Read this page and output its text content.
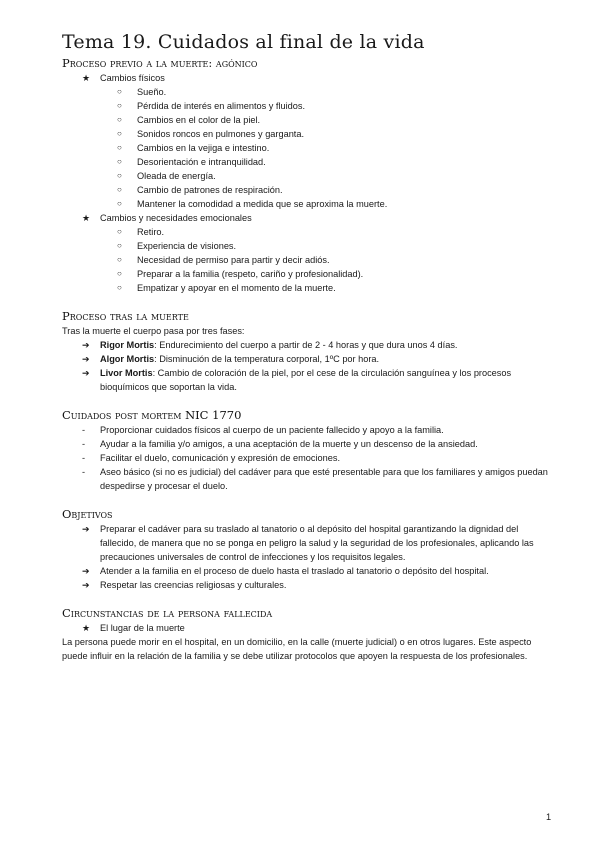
Tema 19. Cuidados al final de la vida
Proceso previo a la muerte: agónico
★ Cambios físicos
○ Sueño.
○ Pérdida de interés en alimentos y fluidos.
○ Cambios en el color de la piel.
○ Sonidos roncos en pulmones y garganta.
○ Cambios en la vejiga e intestino.
○ Desorientación e intranquilidad.
○ Oleada de energía.
○ Cambio de patrones de respiración.
○ Mantener la comodidad a medida que se aproxima la muerte.
★ Cambios y necesidades emocionales
○ Retiro.
○ Experiencia de visiones.
○ Necesidad de permiso para partir y decir adiós.
○ Preparar a la familia (respeto, cariño y profesionalidad).
○ Empatizar y apoyar en el momento de la muerte.
Proceso tras la muerte

Tras la muerte el cuerpo pasa por tres fases:

➔ Rigor Mortis: Endurecimiento del cuerpo a partir de 2 - 4 horas y que dura unos 4 días.
➔ Algor Mortis: Disminución de la temperatura corporal, 1ºC por hora.
➔ Livor Mortis: Cambio de coloración de la piel, por el cese de la circulación sanguínea y los procesos bioquímicos que soportan la vida.
Cuidados post mortem NIC 1770
- Proporcionar cuidados físicos al cuerpo de un paciente fallecido y apoyo a la familia.
- Ayudar a la familia y/o amigos, a una aceptación de la muerte y un descenso de la ansiedad.
- Facilitar el duelo, comunicación y expresión de emociones.
- Aseo básico (si no es judicial) del cadáver para que esté presentable para que los familiares y amigos puedan despedirse y procesar el duelo.
Objetivos
➔ Preparar el cadáver para su traslado al tanatorio o al depósito del hospital garantizando la dignidad del fallecido, de manera que no se ponga en peligro la salud y la seguridad de los profesionales, aplicando las precauciones universales de control de infecciones y los requisitos legales.
➔ Atender a la familia en el proceso de duelo hasta el traslado al tanatorio o depósito del hospital.
➔ Respetar las creencias religiosas y culturales.
Circunstancias de la persona fallecida
★ El lugar de la muerte

La persona puede morir en el hospital, en un domicilio, en la calle (muerte judicial) o en otros lugares. Este aspecto puede influir en la relación de la familia y se debe utilizar protocolos que apoyen la respuesta de los profesionales.

1
